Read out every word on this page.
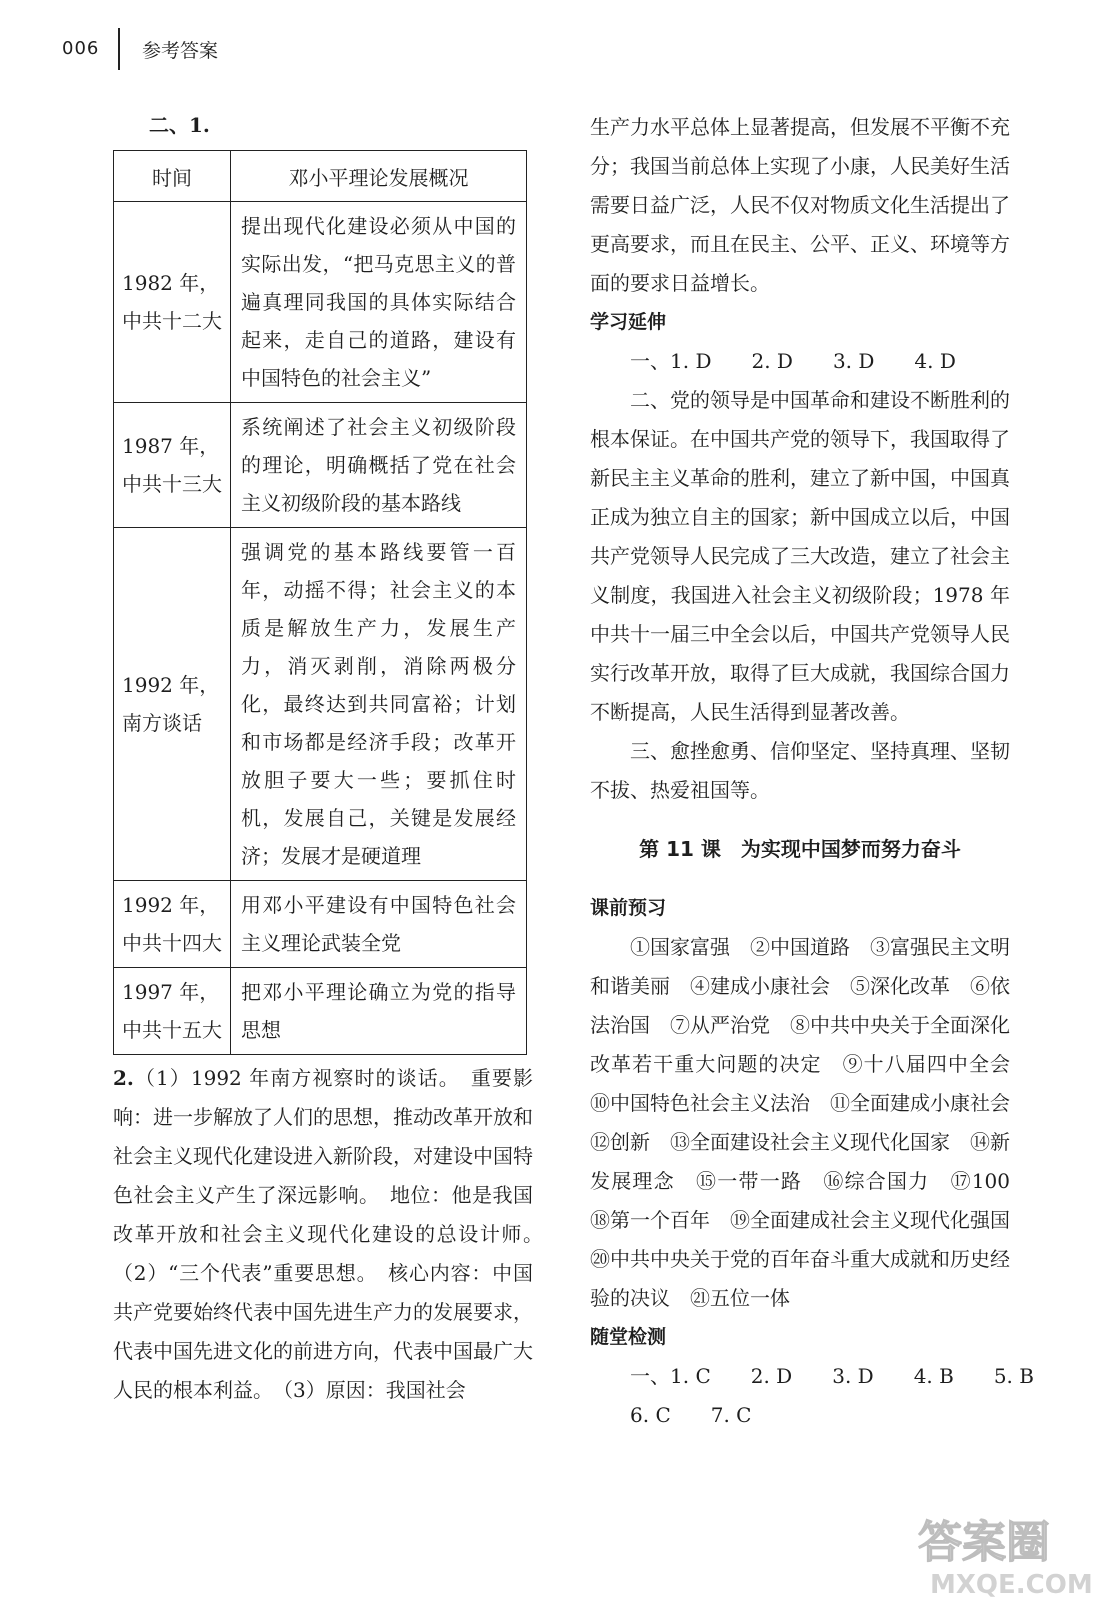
006 参考答案

二、1.

时间	邓小平理论发展概况
1982 年，中共十二大	提出现代化建设必须从中国的实际出发，“把马克思主义的普遍真理同我国的具体实际结合起来，走自己的道路，建设有中国特色的社会主义”
1987 年，中共十三大	系统阐述了社会主义初级阶段的理论，明确概括了党在社会主义初级阶段的基本路线
1992 年，南方谈话	强调党的基本路线要管一百年，动摇不得；社会主义的本质是解放生产力，发展生产力，消灭剥削，消除两极分化，最终达到共同富裕；计划和市场都是经济手段；改革开放胆子要大一些；要抓住时机，发展自己，关键是发展经济；发展才是硬道理
1992 年，中共十四大	用邓小平建设有中国特色社会主义理论武装全党
1997 年，中共十五大	把邓小平理论确立为党的指导思想

2.（1）1992 年南方视察时的谈话。　重要影响：进一步解放了人们的思想，推动改革开放和社会主义现代化建设进入新阶段，对建设中国特色社会主义产生了深远影响。　地位：他是我国改革开放和社会主义现代化建设的总设计师。　（2）“三个代表”重要思想。　核心内容：中国共产党要始终代表中国先进生产力的发展要求，代表中国先进文化的前进方向，代表中国最广大人民的根本利益。　（3）原因：我国社会

生产力水平总体上显著提高，但发展不平衡不充分；我国当前总体上实现了小康，人民美好生活需要日益广泛，人民不仅对物质文化生活提出了更高要求，而且在民主、公平、正义、环境等方面的要求日益增长。

学习延伸

一、1. D　　2. D　　3. D　　4. D

二、党的领导是中国革命和建设不断胜利的根本保证。在中国共产党的领导下，我国取得了新民主主义革命的胜利，建立了新中国，中国真正成为独立自主的国家；新中国成立以后，中国共产党领导人民完成了三大改造，建立了社会主义制度，我国进入社会主义初级阶段；1978 年中共十一届三中全会以后，中国共产党领导人民实行改革开放，取得了巨大成就，我国综合国力不断提高，人民生活得到显著改善。

三、愈挫愈勇、信仰坚定、坚持真理、坚韧不拔、热爱祖国等。

第 11 课　为实现中国梦而努力奋斗

课前预习

①国家富强　②中国道路　③富强民主文明和谐美丽　④建成小康社会　⑤深化改革　⑥依法治国　⑦从严治党　⑧中共中央关于全面深化改革若干重大问题的决定　⑨十八届四中全会　⑩中国特色社会主义法治　⑪全面建成小康社会　⑫创新　⑬全面建设社会主义现代化国家　⑭新发展理念　⑮一带一路　⑯综合国力　⑰100　⑱第一个百年　⑲全面建成社会主义现代化强国　⑳中共中央关于党的百年奋斗重大成就和历史经验的决议　㉑五位一体

随堂检测

一、1. C　　2. D　　3. D　　4. B　　5. B

6. C　　7. C

答案圈
MXQE.COM
